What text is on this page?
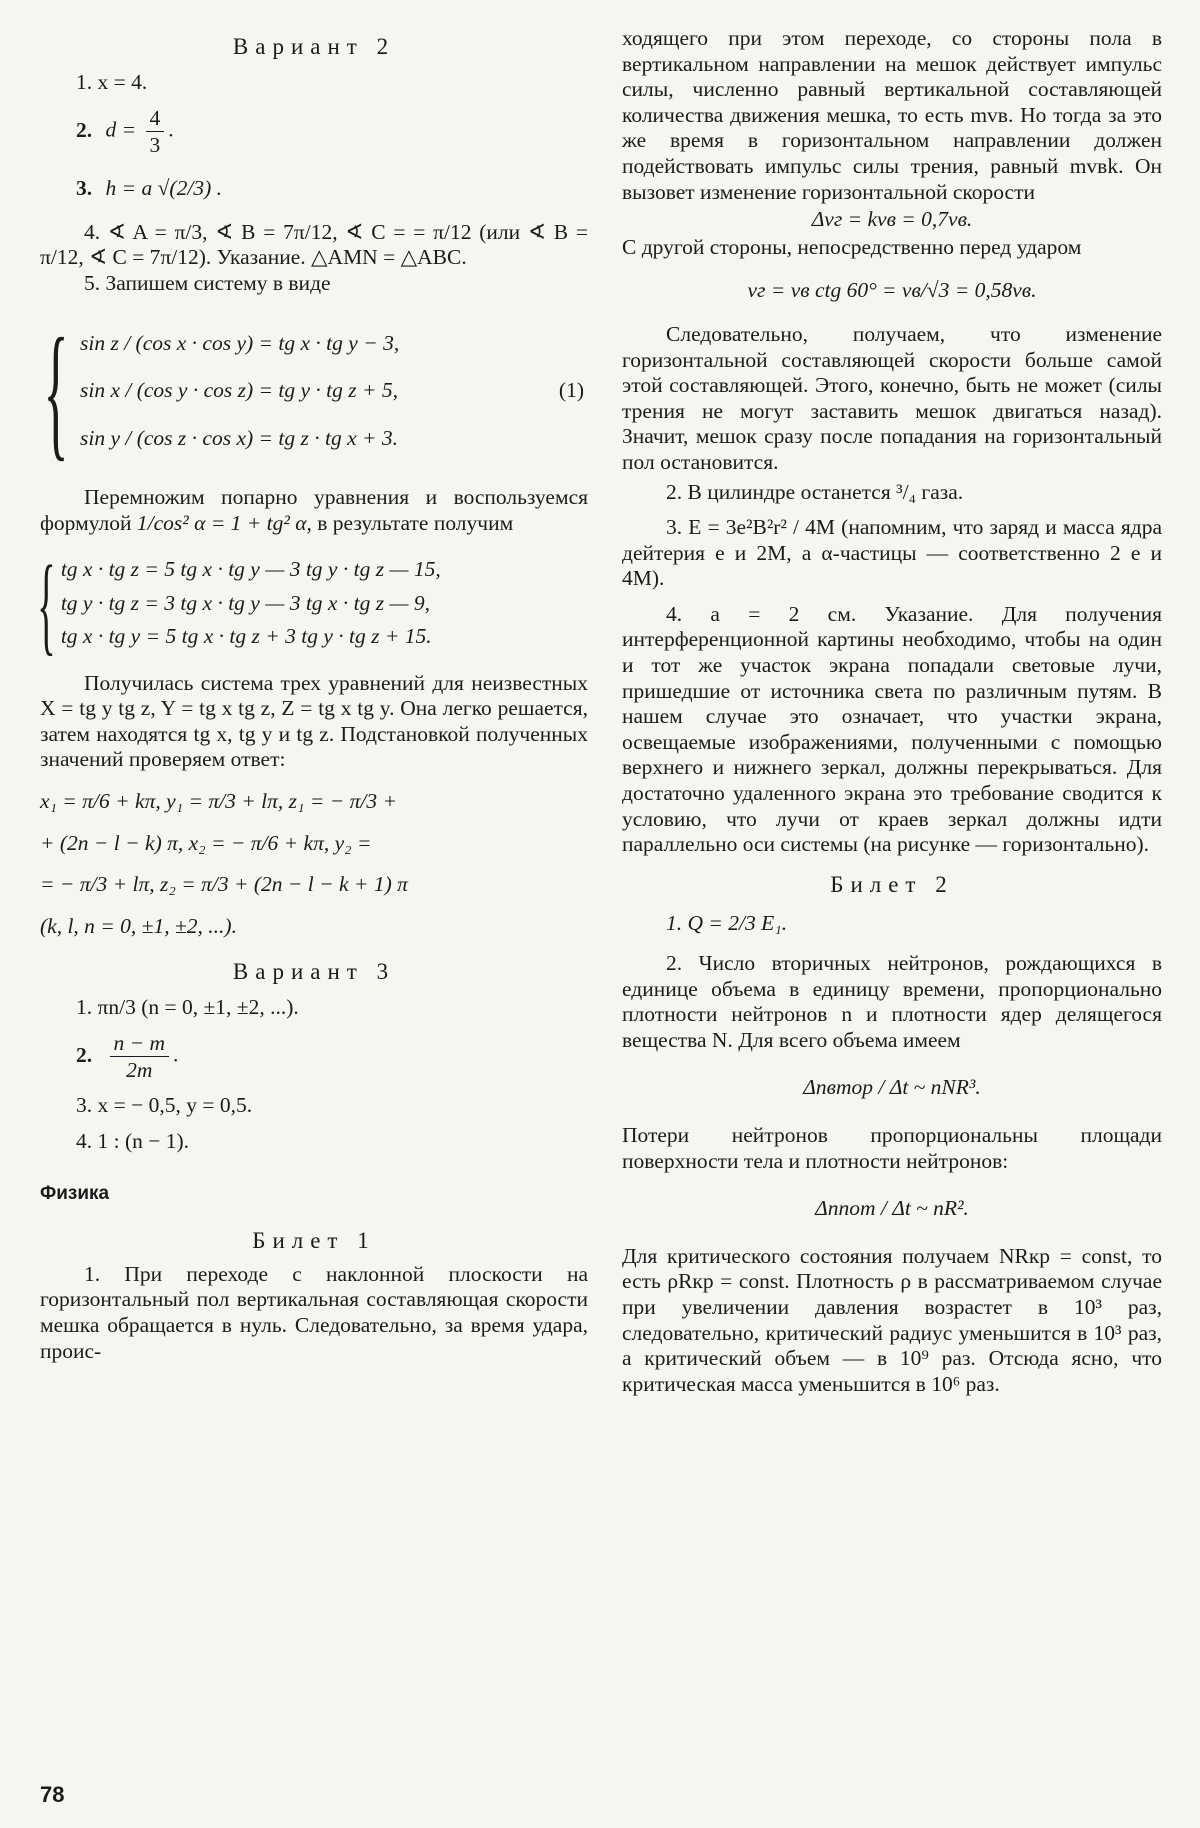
Вариант 2
1. x = 4.
2. $d = \frac{4}{3}$ .
3. h = a √(2/3) .

4. ∢ A = π/3, ∢ B = 7π/12, ∢ C = = π/12 (или ∢ B = π/12, ∢ C = 7π/12). Указание. △AMN = △ABC.

5. Запишем систему в виде

{ sin z / (cos x · cos y) = tg x · tg y − 3,
sin x / (cos y · cos z) = tg y · tg z + 5,
sin y / (cos z · cos x) = tg z · tg x + 3.
(1)

Перемножим попарно уравнения и воспользуемся формулой 1/cos² α = 1 + tg² α, в результате получим

{ tg x · tg z = 5 tg x · tg y — 3 tg y · tg z — 15,
tg y · tg z = 3 tg x · tg y — 3 tg x · tg z — 9,
tg x · tg y = 5 tg x · tg z + 3 tg y · tg z + 15.

Получилась система трех уравнений для неизвестных X = tg y tg z, Y = tg x tg z, Z = tg x tg y. Она легко решается, затем находятся tg x, tg y и tg z. Подстановкой полученных значений проверяем ответ:

x₁ = π/6 + kπ, y₁ = π/3 + lπ, z₁ = − π/3 +
+ (2n − l − k) π, x₂ = − π/6 + kπ, y₂ =
= − π/3 + lπ, z₂ = π/3 + (2n − l − k + 1) π
(k, l, n = 0, ±1, ±2, ...).
Вариант 3
1. πn/3 (n = 0, ±1, ±2, ...).
2. $\frac{n - m}{2m}$ .
3. x = − 0,5, y = 0,5.
4. 1 : (n − 1).
Физика
Билет 1

1. При переходе с наклонной плоскости на горизонтальный пол вертикальная составляющая скорости мешка обращается в нуль. Следовательно, за время удара, проис-

ходящего при этом переходе, со стороны пола в вертикальном направлении на мешок действует импульс силы, численно равный вертикальной составляющей количества движения мешка, то есть mvв. Но тогда за это же время в горизонтальном направлении должен подействовать импульс силы трения, равный mvвk. Он вызовет изменение горизонтальной скорости

Δvг = kvв = 0,7vв.

С другой стороны, непосредственно перед ударом

vг = vв ctg 60° = vв/√3 = 0,58vв.

Следовательно, получаем, что изменение горизонтальной составляющей скорости больше самой этой составляющей. Этого, конечно, быть не может (силы трения не могут заставить мешок двигаться назад). Значит, мешок сразу после попадания на горизонтальный пол остановится.

2. В цилиндре останется ³/₄ газа.

3. E = 3e²B²r² / 4M (напомним, что заряд и масса ядра дейтерия e и 2M, а α-частицы — соответственно 2 e и 4M).

4. a = 2 см. Указание. Для получения интерференционной картины необходимо, чтобы на один и тот же участок экрана попадали световые лучи, пришедшие от источника света по различным путям. В нашем случае это означает, что участки экрана, освещаемые изображениями, полученными с помощью верхнего и нижнего зеркал, должны перекрываться. Для достаточно удаленного экрана это требование сводится к условию, что лучи от краев зеркал должны идти параллельно оси системы (на рисунке — горизонтально).

Билет 2
1. Q = 2/3 E₁.

2. Число вторичных нейтронов, рождающихся в единице объема в единицу времени, пропорционально плотности нейтронов n и плотности ядер делящегося вещества N. Для всего объема имеем

Δnвтор / Δt ~ nNR³.

Потери нейтронов пропорциональны площади поверхности тела и плотности нейтронов:

Δnпот / Δt ~ nR².

Для критического состояния получаем NRкр = const, то есть ρRкр = const. Плотность ρ в рассматриваемом случае при увеличении давления возрастет в 10³ раз, следовательно, критический радиус уменьшится в 10³ раз, а критический объем — в 10⁹ раз. Отсюда ясно, что критическая масса уменьшится в 10⁶ раз.

78
